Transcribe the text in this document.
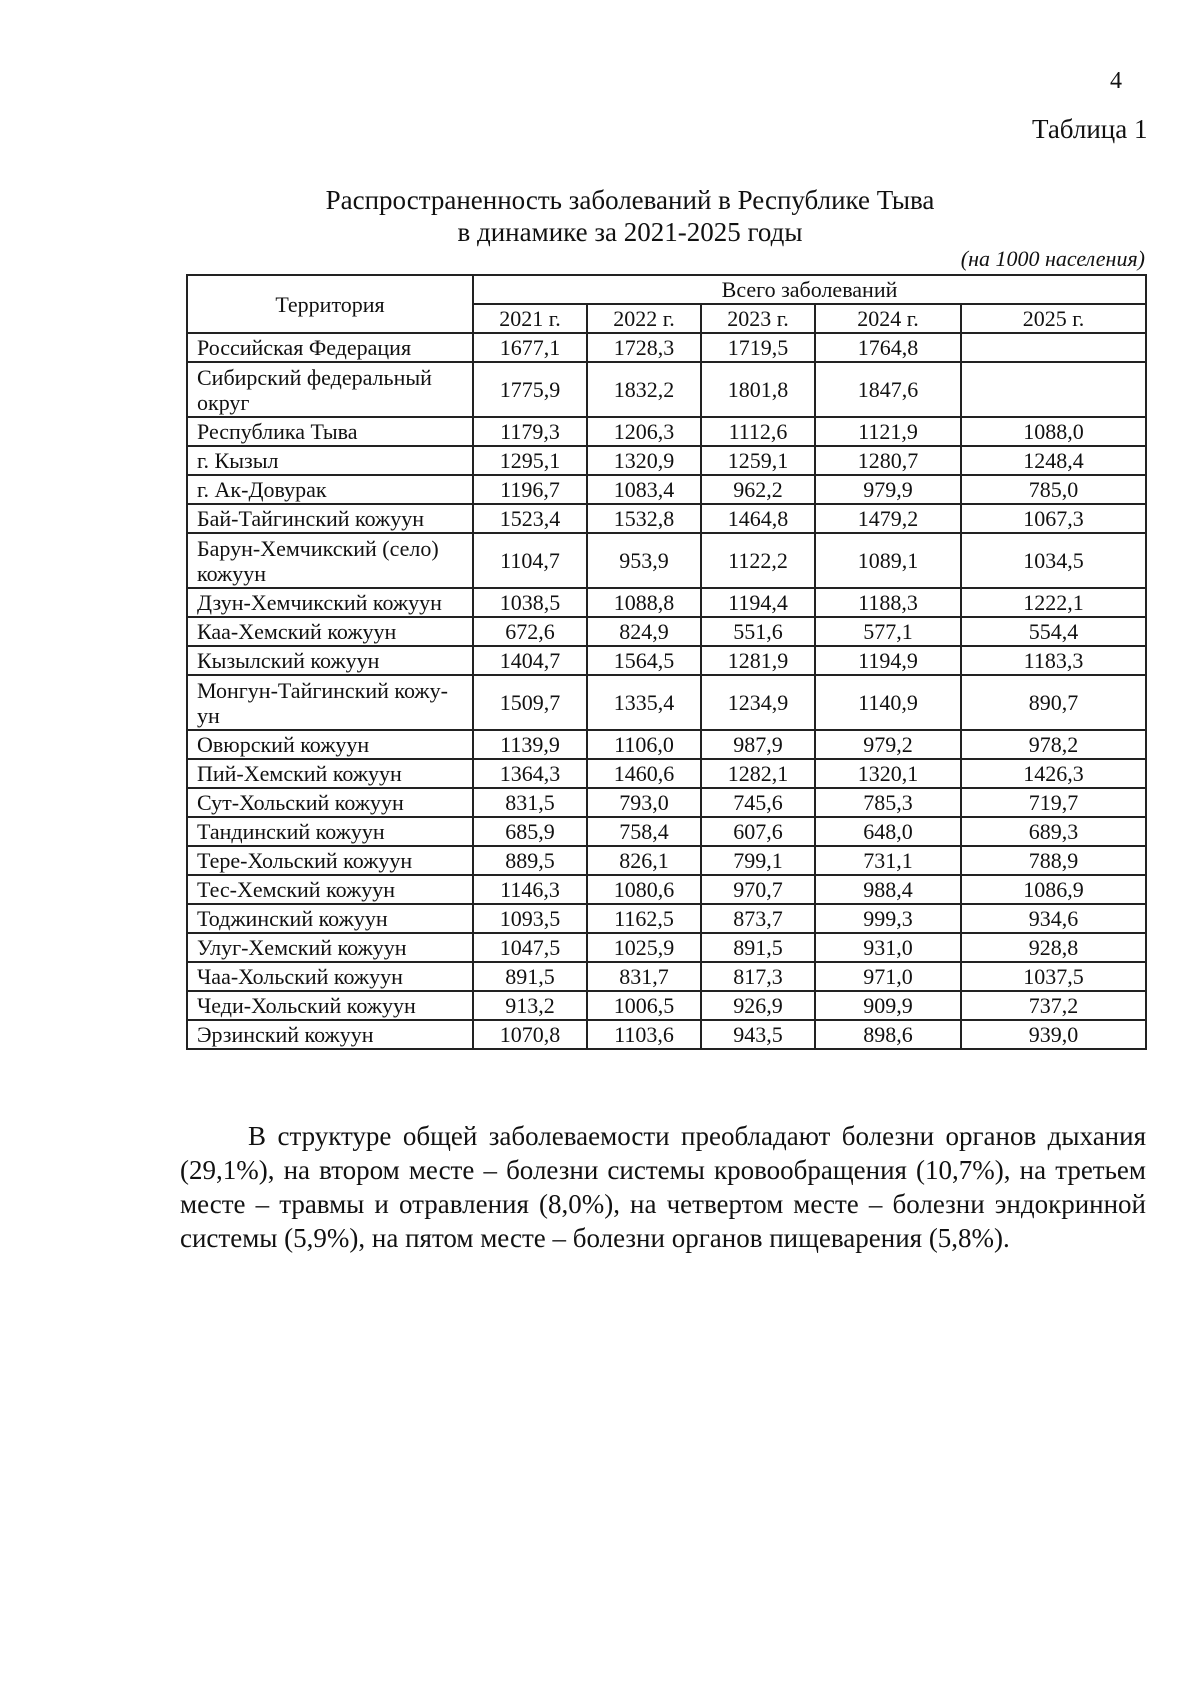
4
Таблица 1
Распространенность заболеваний в Республике Тыва
в динамике за 2021-2025 годы
(на 1000 населения)
Территория	Всего заболеваний				
	2021 г.	2022 г.	2023 г.	2024 г.	2025 г.
Российская Федерация	1677,1	1728,3	1719,5	1764,8	
Сибирский федеральный округ	1775,9	1832,2	1801,8	1847,6	
Республика Тыва	1179,3	1206,3	1112,6	1121,9	1088,0
г. Кызыл	1295,1	1320,9	1259,1	1280,7	1248,4
г. Ак-Довурак	1196,7	1083,4	962,2	979,9	785,0
Бай-Тайгинский кожуун	1523,4	1532,8	1464,8	1479,2	1067,3
Барун-Хемчикский (село) кожуун	1104,7	953,9	1122,2	1089,1	1034,5
Дзун-Хемчикский кожуун	1038,5	1088,8	1194,4	1188,3	1222,1
Каа-Хемский кожуун	672,6	824,9	551,6	577,1	554,4
Кызылский кожуун	1404,7	1564,5	1281,9	1194,9	1183,3
Монгун-Тайгинский кожу-ун	1509,7	1335,4	1234,9	1140,9	890,7
Овюрский кожуун	1139,9	1106,0	987,9	979,2	978,2
Пий-Хемский кожуун	1364,3	1460,6	1282,1	1320,1	1426,3
Сут-Хольский кожуун	831,5	793,0	745,6	785,3	719,7
Тандинский кожуун	685,9	758,4	607,6	648,0	689,3
Тере-Хольский кожуун	889,5	826,1	799,1	731,1	788,9
Тес-Хемский кожуун	1146,3	1080,6	970,7	988,4	1086,9
Тоджинский кожуун	1093,5	1162,5	873,7	999,3	934,6
Улуг-Хемский кожуун	1047,5	1025,9	891,5	931,0	928,8
Чаа-Хольский кожуун	891,5	831,7	817,3	971,0	1037,5
Чеди-Хольский кожуун	913,2	1006,5	926,9	909,9	737,2
Эрзинский кожуун	1070,8	1103,6	943,5	898,6	939,0

В структуре общей заболеваемости преобладают болезни органов дыхания (29,1%), на втором месте – болезни системы кровообращения (10,7%), на третьем месте – травмы и отравления (8,0%), на четвертом месте – болезни эндокринной системы (5,9%), на пятом месте – болезни органов пищеварения (5,8%).
